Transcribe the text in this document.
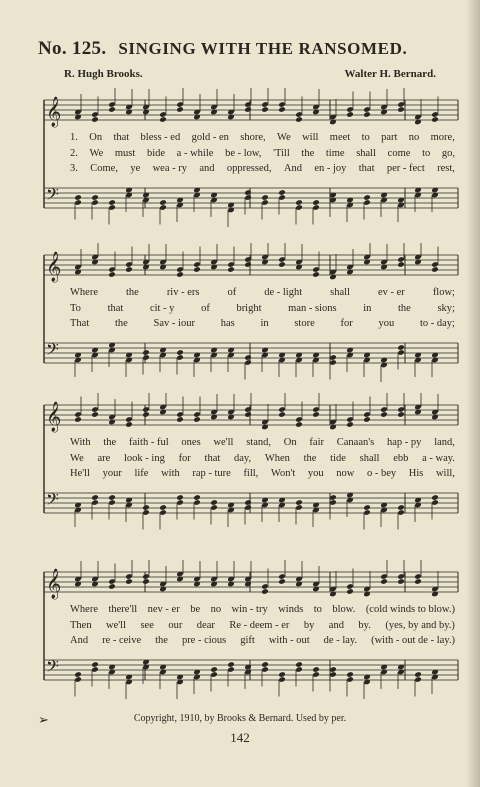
No. 125. SINGING WITH THE RANSOMED.
R. Hugh Brooks.	Walter H. Bernard.
𝄞
𝄢
1. On that bless - ed gold - en shore, We will meet to part no more,
2. We must bide a - while be - low, 'Till the time shall come to go,
3. Come, ye wea - ry and oppressed, And en - joy that per - fect rest,
𝄞
𝄢
Where	the	riv - ers	of	de - light	shall	ev - er	flow;
To	that	cit - y	of	bright	man - sions	in	the	sky;
That the Sav - iour has in store for you to - day;
𝄞
𝄢
With the faith - ful ones we'll stand, On fair Canaan's hap - py land,
We are look - ing for that day, When the tide shall ebb a - way.
He'll your life with rap - ture fill, Won't you now o - bey His will,
𝄞
𝄢
Where there'll nev - er be no win - try winds to blow. (cold winds to blow.)
Then we'll see our dear Re - deem - er by and by. (yes, by and by.)
And re - ceive the pre - cious gift with - out de - lay. (with - out de - lay.)
➢	Copyright, 1910, by Brooks & Bernard. Used by per.
142
